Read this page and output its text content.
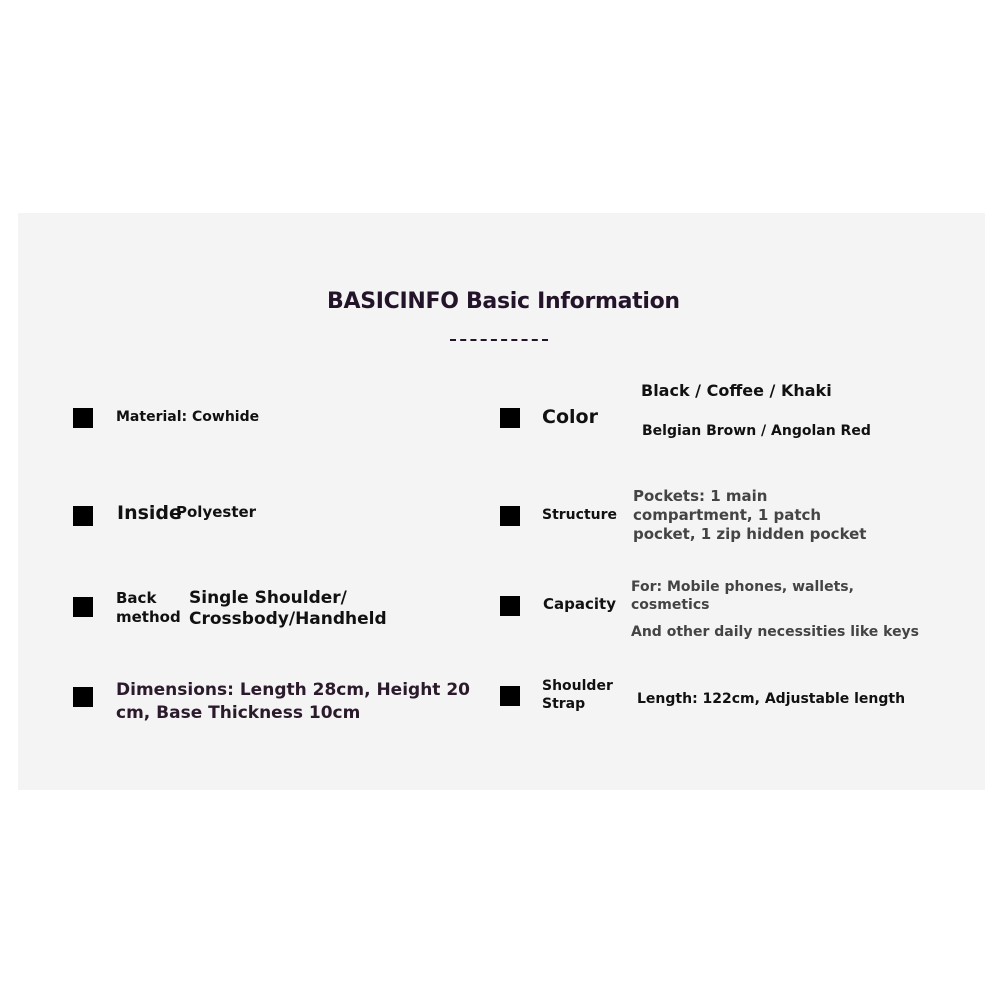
BASICINFO Basic Information
Material: Cowhide
Inside
Polyester
Back
method
Single Shoulder/
Crossbody/Handheld
Dimensions: Length 28cm, Height 20
cm, Base Thickness 10cm
Color
Black / Coffee / Khaki
Belgian Brown / Angolan Red
Structure
Pockets: 1 main
compartment, 1 patch
pocket, 1 zip hidden pocket
Capacity
For: Mobile phones, wallets,
cosmetics
And other daily necessities like keys
Shoulder
Strap	Length: 122cm, Adjustable length
